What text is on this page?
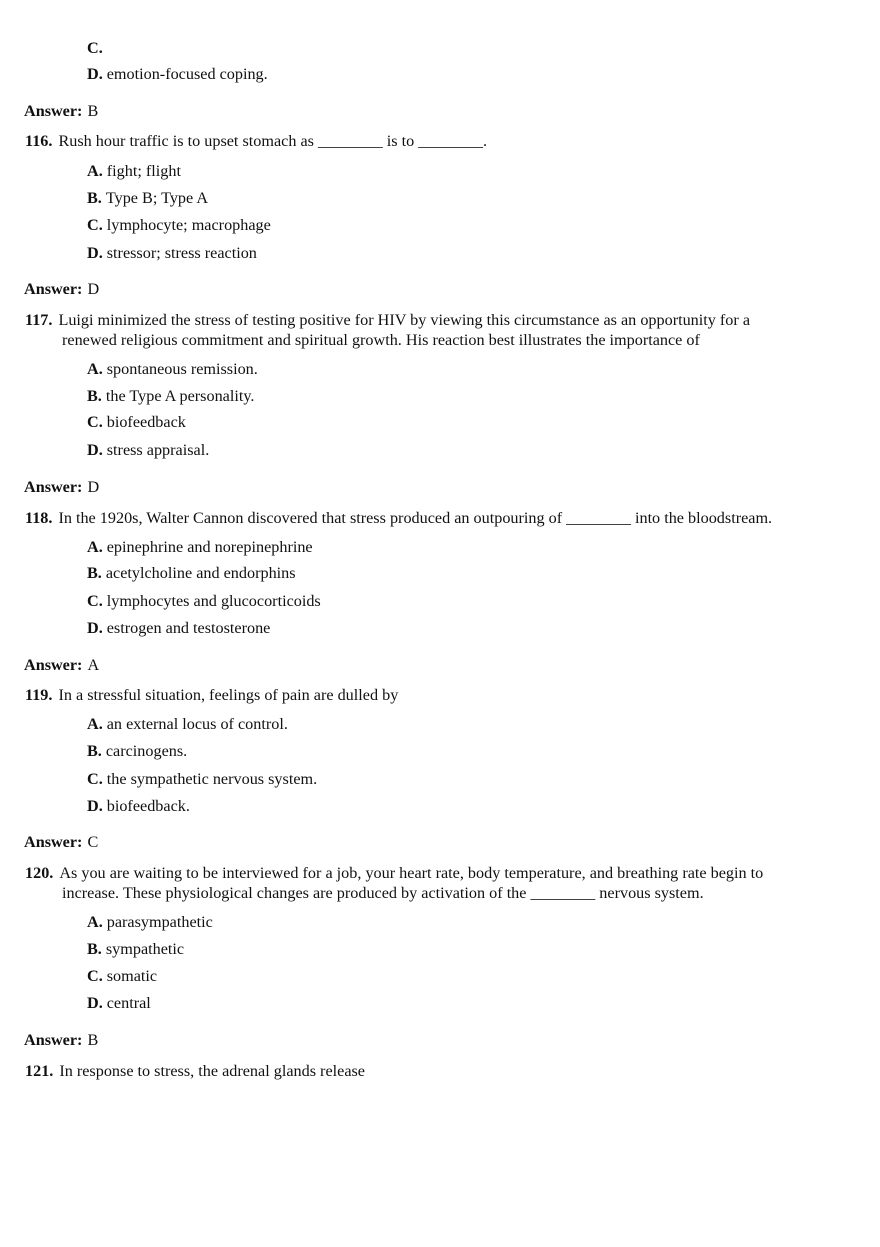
C.
D. emotion-focused coping.
Answer: B
116. Rush hour traffic is to upset stomach as ________ is to ________.
A. fight; flight
B. Type B; Type A
C. lymphocyte; macrophage
D. stressor; stress reaction
Answer: D
117. Luigi minimized the stress of testing positive for HIV by viewing this circumstance as an opportunity for a
renewed religious commitment and spiritual growth. His reaction best illustrates the importance of
A. spontaneous remission.
B. the Type A personality.
C. biofeedback
D. stress appraisal.
Answer: D
118. In the 1920s, Walter Cannon discovered that stress produced an outpouring of ________ into the bloodstream.
A. epinephrine and norepinephrine
B. acetylcholine and endorphins
C. lymphocytes and glucocorticoids
D. estrogen and testosterone
Answer: A
119. In a stressful situation, feelings of pain are dulled by
A. an external locus of control.
B. carcinogens.
C. the sympathetic nervous system.
D. biofeedback.
Answer: C
120. As you are waiting to be interviewed for a job, your heart rate, body temperature, and breathing rate begin to
increase. These physiological changes are produced by activation of the ________ nervous system.
A. parasympathetic
B. sympathetic
C. somatic
D. central
Answer: B
121. In response to stress, the adrenal glands release
